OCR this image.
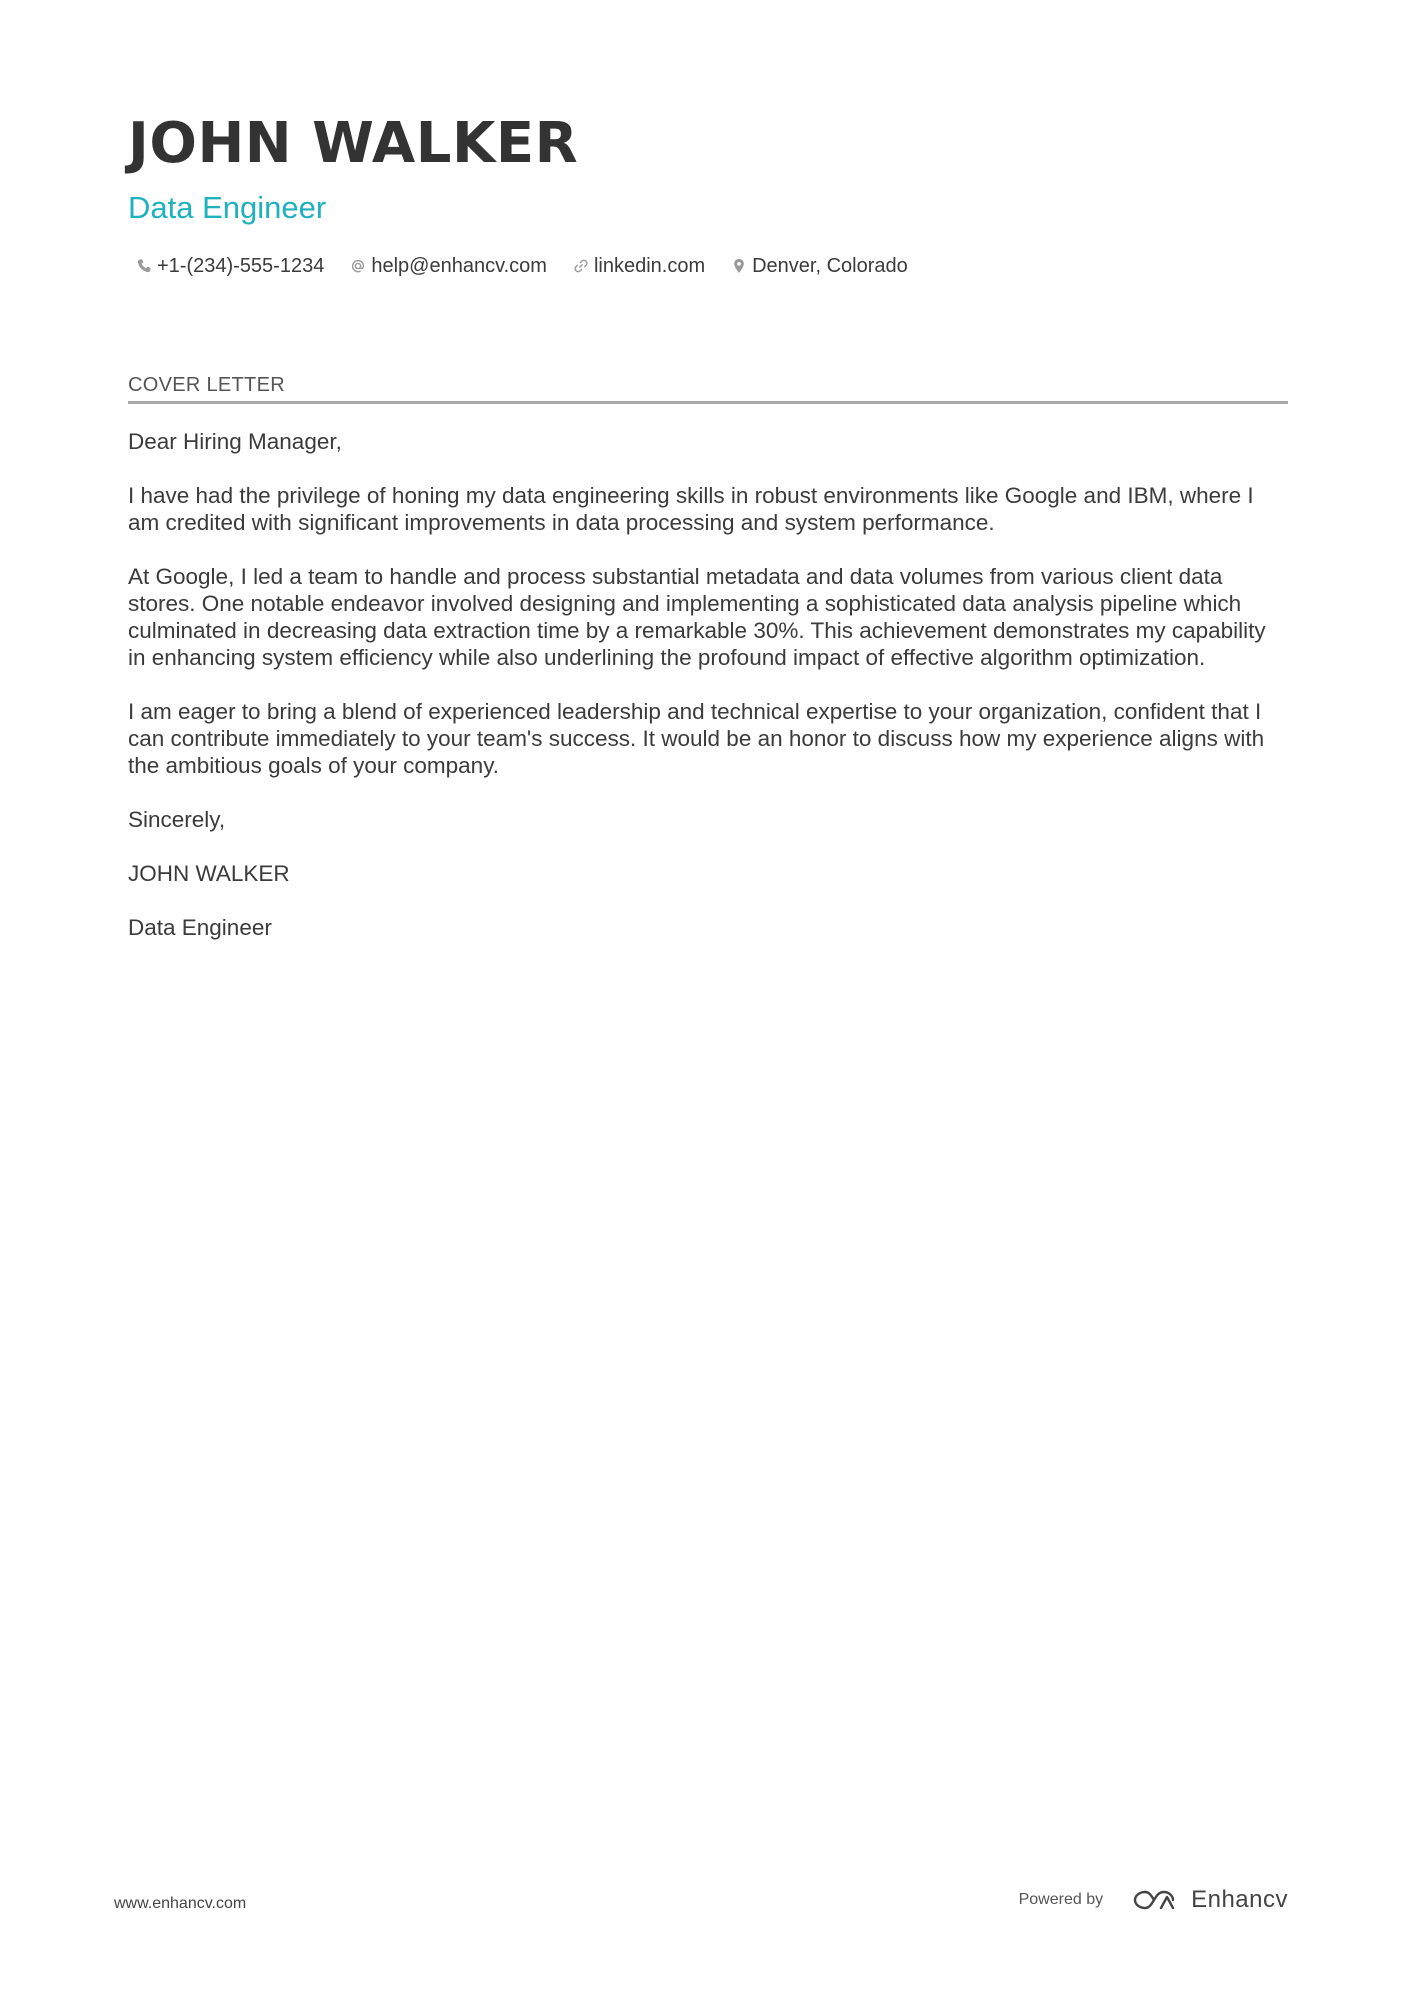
JOHN WALKER
Data Engineer
+1-(234)-555-1234 help@enhancv.com linkedin.com Denver, Colorado
COVER LETTER

Dear Hiring Manager,

I have had the privilege of honing my data engineering skills in robust environments like Google and IBM, where I am credited with significant improvements in data processing and system performance.

At Google, I led a team to handle and process substantial metadata and data volumes from various client data stores. One notable endeavor involved designing and implementing a sophisticated data analysis pipeline which culminated in decreasing data extraction time by a remarkable 30%. This achievement demonstrates my capability in enhancing system efficiency while also underlining the profound impact of effective algorithm optimization.

I am eager to bring a blend of experienced leadership and technical expertise to your organization, confident that I can contribute immediately to your team's success. It would be an honor to discuss how my experience aligns with the ambitious goals of your company.

Sincerely,

JOHN WALKER

Data Engineer

www.enhancv.com	Powered by	Enhancv
